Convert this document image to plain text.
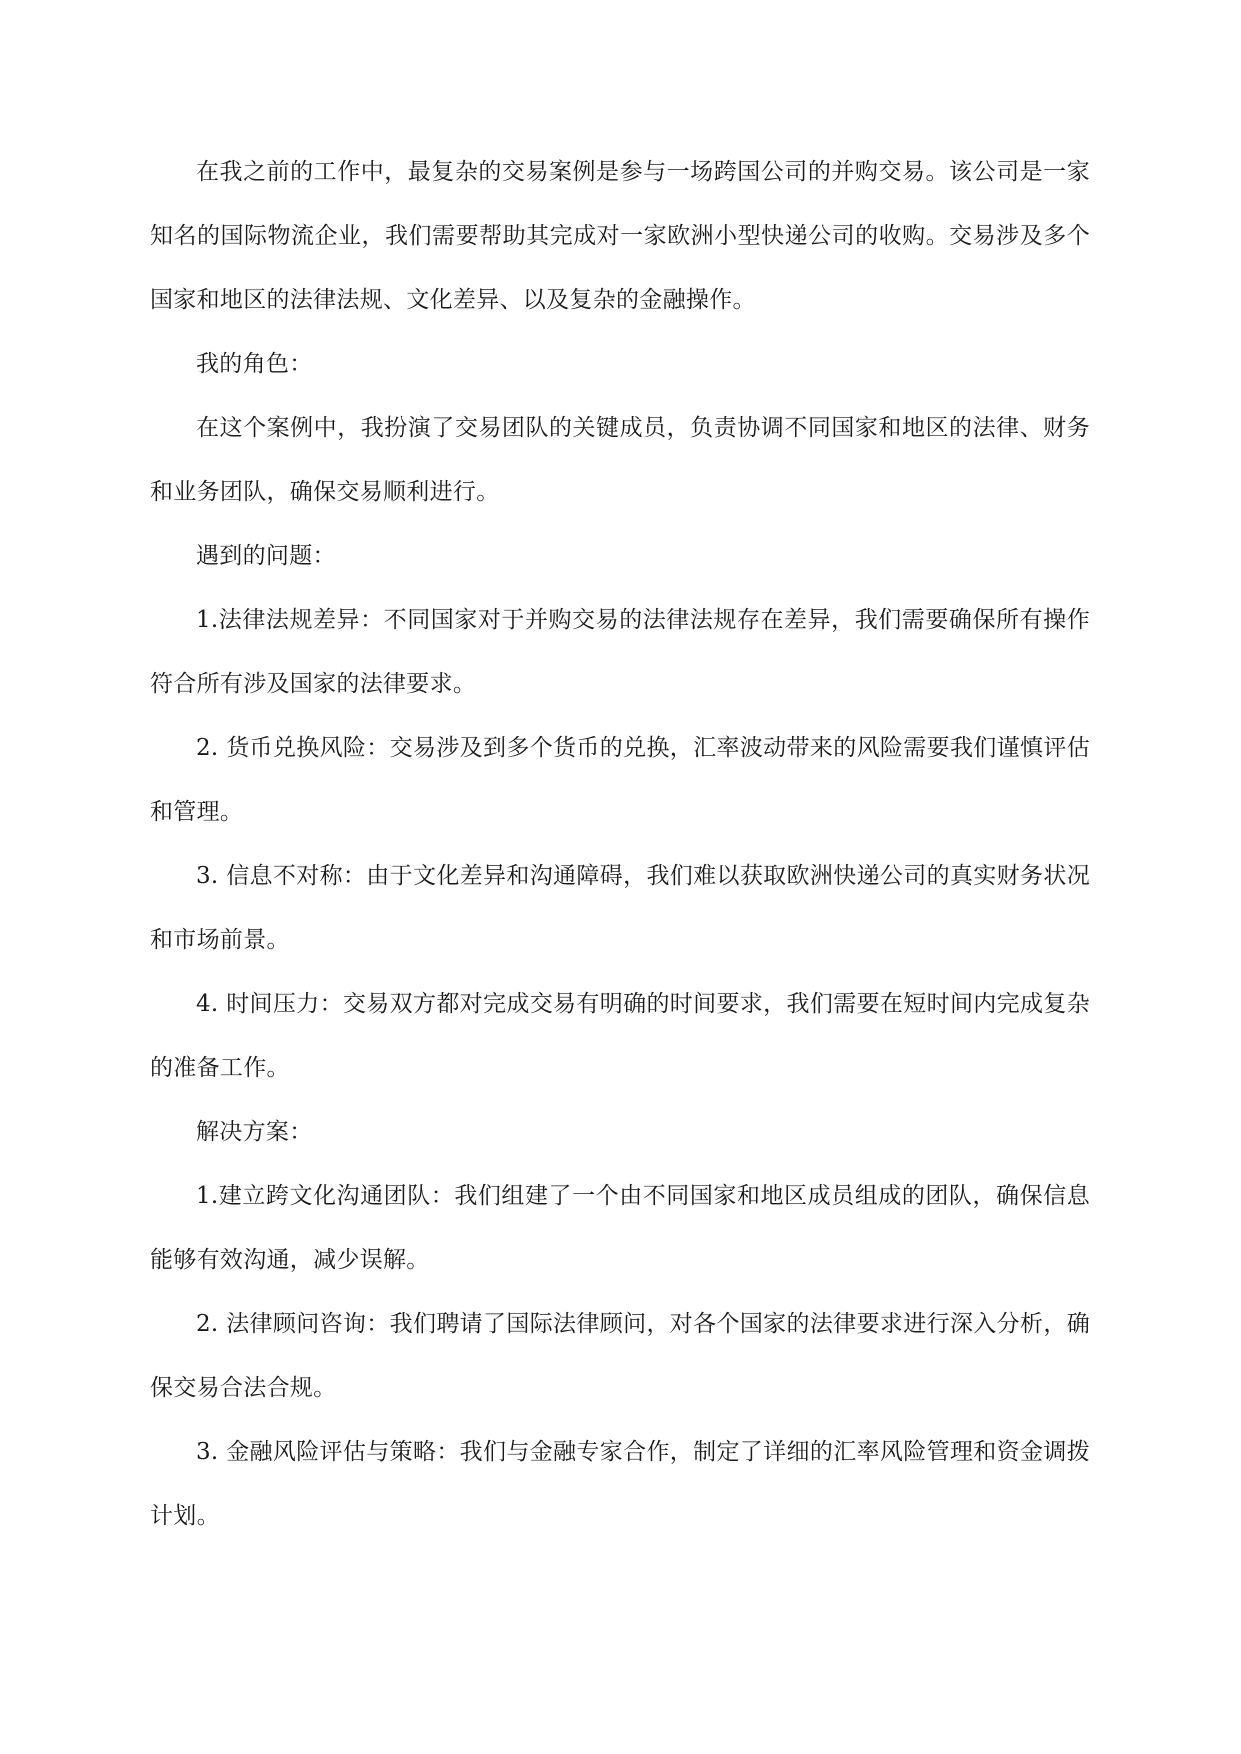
在我之前的工作中，最复杂的交易案例是参与一场跨国公司的并购交易。该公司是一家知名的国际物流企业，我们需要帮助其完成对一家欧洲小型快递公司的收购。交易涉及多个国家和地区的法律法规、文化差异、以及复杂的金融操作。

我的角色：

在这个案例中，我扮演了交易团队的关键成员，负责协调不同国家和地区的法律、财务和业务团队，确保交易顺利进行。

遇到的问题：

1.法律法规差异：不同国家对于并购交易的法律法规存在差异，我们需要确保所有操作符合所有涉及国家的法律要求。

2. 货币兑换风险：交易涉及到多个货币的兑换，汇率波动带来的风险需要我们谨慎评估和管理。

3. 信息不对称：由于文化差异和沟通障碍，我们难以获取欧洲快递公司的真实财务状况和市场前景。

4. 时间压力：交易双方都对完成交易有明确的时间要求，我们需要在短时间内完成复杂的准备工作。

解决方案：

1.建立跨文化沟通团队：我们组建了一个由不同国家和地区成员组成的团队，确保信息能够有效沟通，减少误解。

2. 法律顾问咨询：我们聘请了国际法律顾问，对各个国家的法律要求进行深入分析，确保交易合法合规。

3. 金融风险评估与策略：我们与金融专家合作，制定了详细的汇率风险管理和资金调拨计划。
